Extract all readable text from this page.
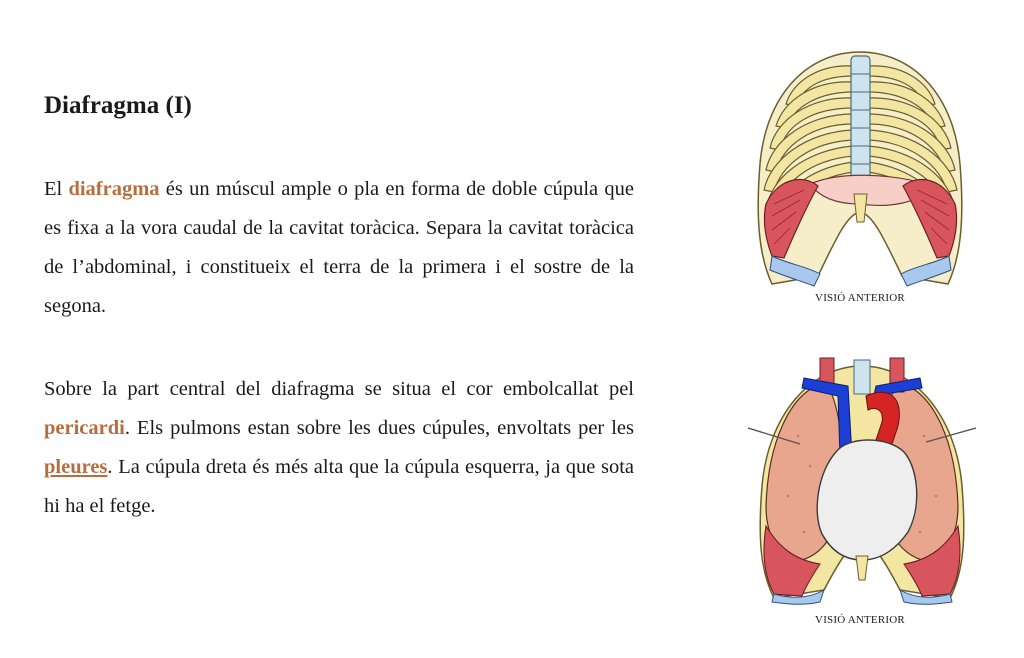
Diafragma (I)

El diafragma és un múscul ample o pla en forma de doble cúpula que es fixa a la vora caudal de la cavitat toràcica. Separa la cavitat toràcica de l’abdominal, i constitueix el terra de la primera i el sostre de la segona.

Sobre la part central del diafragma se situa el cor embolcallat pel pericardi. Els pulmons estan sobre les dues cúpules, envoltats per les pleures. La cúpula dreta és més alta que la cúpula esquerra, ja que sota hi ha el fetge.

VISIÓ ANTERIOR
VISIÓ ANTERIOR
